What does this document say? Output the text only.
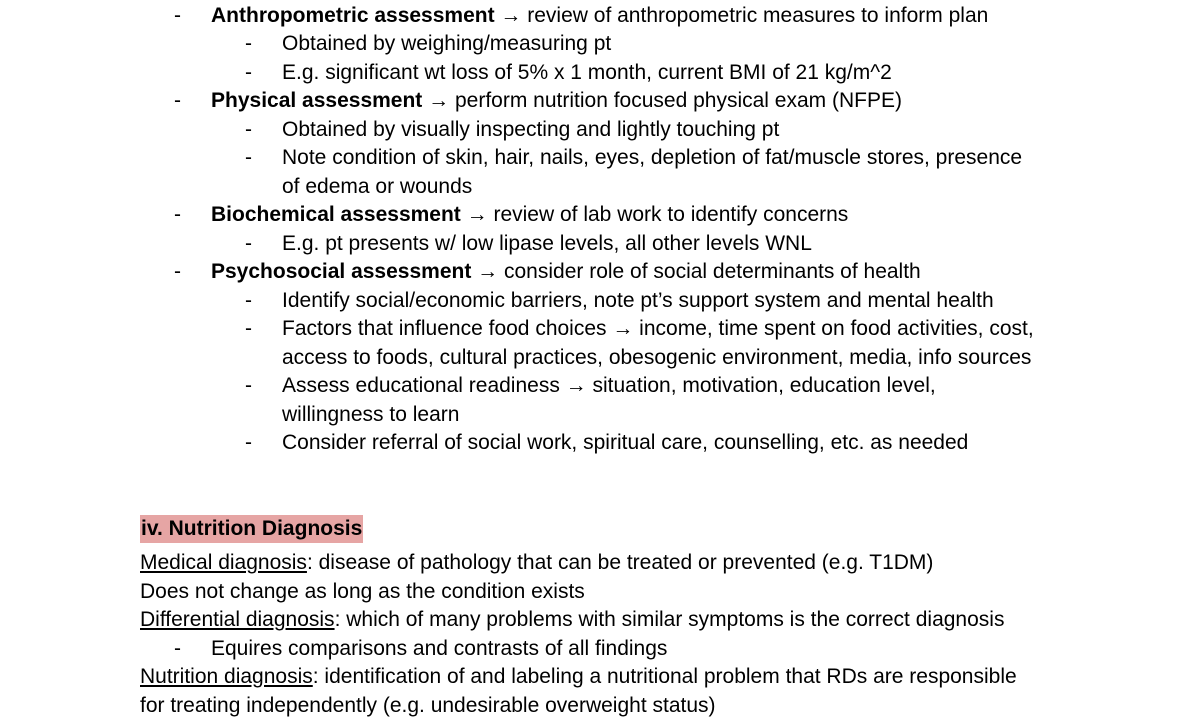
- Anthropometric assessment → review of anthropometric measures to inform plan
- Obtained by weighing/measuring pt
- E.g. significant wt loss of 5% x 1 month, current BMI of 21 kg/m^2
- Physical assessment → perform nutrition focused physical exam (NFPE)
- Obtained by visually inspecting and lightly touching pt
- Note condition of skin, hair, nails, eyes, depletion of fat/muscle stores, presence
of edema or wounds
- Biochemical assessment → review of lab work to identify concerns
- E.g. pt presents w/ low lipase levels, all other levels WNL
- Psychosocial assessment → consider role of social determinants of health
- Identify social/economic barriers, note pt’s support system and mental health
- Factors that influence food choices → income, time spent on food activities, cost,
access to foods, cultural practices, obesogenic environment, media, info sources
- Assess educational readiness → situation, motivation, education level,
willingness to learn
- Consider referral of social work, spiritual care, counselling, etc. as needed
iv. Nutrition Diagnosis
Medical diagnosis: disease of pathology that can be treated or prevented (e.g. T1DM)
Does not change as long as the condition exists
Differential diagnosis: which of many problems with similar symptoms is the correct diagnosis
- Equires comparisons and contrasts of all findings
Nutrition diagnosis: identification of and labeling a nutritional problem that RDs are responsible
for treating independently (e.g. undesirable overweight status)
